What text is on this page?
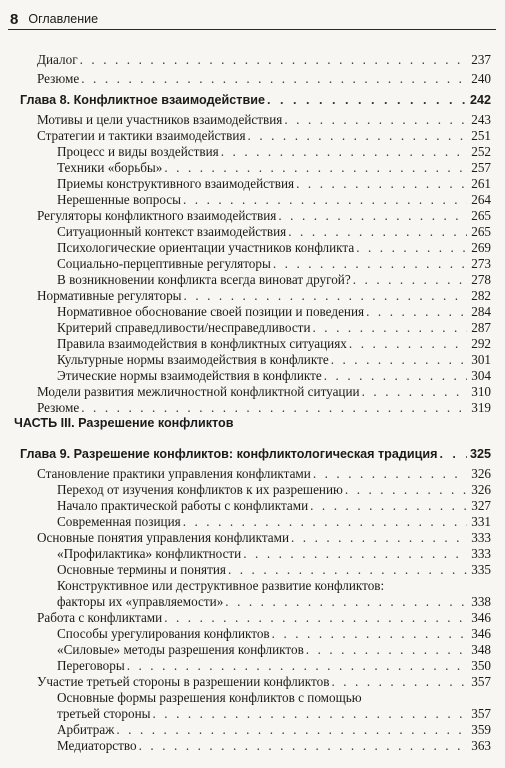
8 Оглавление
Диалог . . .	237
Резюме . . .	240
Глава 8. Конфликтное взаимодействие . . .	242
Мотивы и цели участников взаимодействия . . .	243
Стратегии и тактики взаимодействия . . .	251
Процесс и виды воздействия . . .	252
Техники «борьбы» . . .	257
Приемы конструктивного взаимодействия . . .	261
Нерешенные вопросы . . .	264
Регуляторы конфликтного взаимодействия . . .	265
Ситуационный контекст взаимодействия . . .	265
Психологические ориентации участников конфликта . . .	269
Социально-перцептивные регуляторы . . .	273
В возникновении конфликта всегда виноват другой? . . .	278
Нормативные регуляторы . . .	282
Нормативное обоснование своей позиции и поведения . . .	284
Критерий справедливости/несправедливости . . .	287
Правила взаимодействия в конфликтных ситуациях . . .	292
Культурные нормы взаимодействия в конфликте . . .	301
Этические нормы взаимодействия в конфликте . . .	304
Модели развития межличностной конфликтной ситуации . . .	310
Резюме . . .	319
ЧАСТЬ III. Разрешение конфликтов
Глава 9. Разрешение конфликтов: конфликтологическая традиция . . .	325
Становление практики управления конфликтами . . .	326
Переход от изучения конфликтов к их разрешению . . .	326
Начало практической работы с конфликтами . . .	327
Современная позиция . . .	331
Основные понятия управления конфликтами . . .	333
«Профилактика» конфликтности . . .	333
Основные термины и понятия . . .	335
Конструктивное или деструктивное развитие конфликтов:
факторы их «управляемости» . . .	338
Работа с конфликтами . . .	346
Способы урегулирования конфликтов . . .	346
«Силовые» методы разрешения конфликтов . . .	348
Переговоры . . .	350
Участие третьей стороны в разрешении конфликтов . . .	357
Основные формы разрешения конфликтов с помощью
третьей стороны . . .	357
Арбитраж . . .	359
Медиаторство . . .	363
